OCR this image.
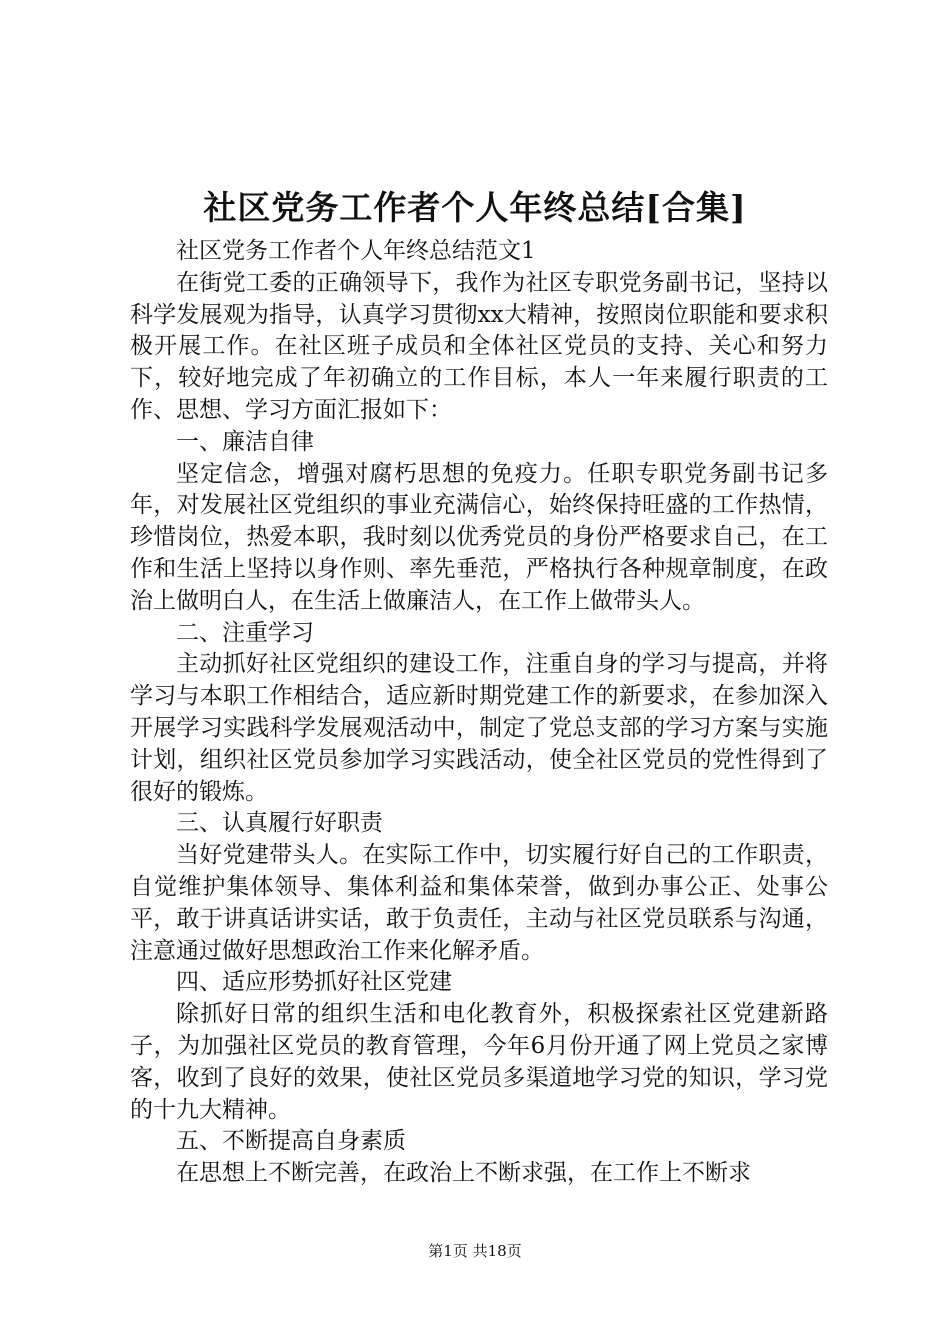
社区党务工作者个人年终总结[合集]

社区党务工作者个人年终总结范文1

在街党工委的正确领导下，我作为社区专职党务副书记，坚持以科学发展观为指导，认真学习贯彻xx大精神，按照岗位职能和要求积极开展工作。在社区班子成员和全体社区党员的支持、关心和努力下，较好地完成了年初确立的工作目标，本人一年来履行职责的工作、思想、学习方面汇报如下：

一、廉洁自律

坚定信念，增强对腐朽思想的免疫力。任职专职党务副书记多年，对发展社区党组织的事业充满信心，始终保持旺盛的工作热情，珍惜岗位，热爱本职，我时刻以优秀党员的身份严格要求自己，在工作和生活上坚持以身作则、率先垂范，严格执行各种规章制度，在政治上做明白人，在生活上做廉洁人，在工作上做带头人。

二、注重学习

主动抓好社区党组织的建设工作，注重自身的学习与提高，并将学习与本职工作相结合，适应新时期党建工作的新要求，在参加深入开展学习实践科学发展观活动中，制定了党总支部的学习方案与实施计划，组织社区党员参加学习实践活动，使全社区党员的党性得到了很好的锻炼。

三、认真履行好职责

当好党建带头人。在实际工作中，切实履行好自己的工作职责，自觉维护集体领导、集体利益和集体荣誉，做到办事公正、处事公平，敢于讲真话讲实话，敢于负责任，主动与社区党员联系与沟通，注意通过做好思想政治工作来化解矛盾。

四、适应形势抓好社区党建

除抓好日常的组织生活和电化教育外，积极探索社区党建新路子，为加强社区党员的教育管理，今年6月份开通了网上党员之家博客，收到了良好的效果，使社区党员多渠道地学习党的知识，学习党的十九大精神。

五、不断提高自身素质

在思想上不断完善，在政治上不断求强，在工作上不断求

第1页 共18页
